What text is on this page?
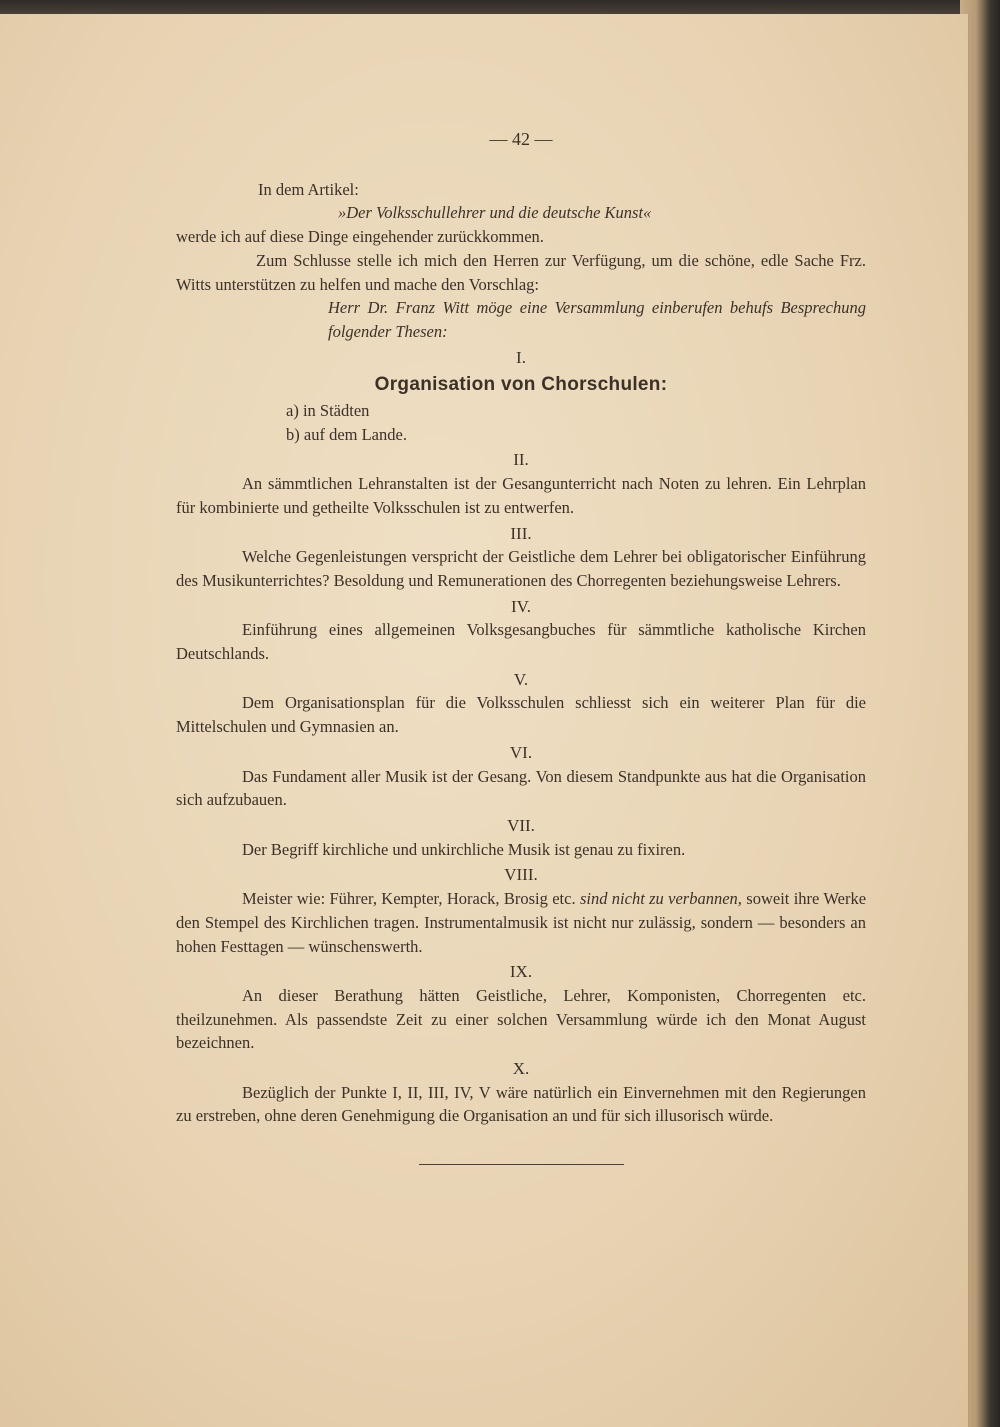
— 42 —
In dem Artikel:
»Der Volksschullehrer und die deutsche Kunst«
werde ich auf diese Dinge eingehender zurückkommen.
Zum Schlusse stelle ich mich den Herren zur Verfügung, um die schöne, edle Sache Frz. Witts unterstützen zu helfen und mache den Vorschlag:
Herr Dr. Franz Witt möge eine Versammlung einberufen behufs Besprechung folgender Thesen:
I.
Organisation von Chorschulen:
a) in Städten
b) auf dem Lande.
II.
An sämmtlichen Lehranstalten ist der Gesangunterricht nach Noten zu lehren. Ein Lehrplan für kombinierte und getheilte Volksschulen ist zu entwerfen.
III.
Welche Gegenleistungen verspricht der Geistliche dem Lehrer bei obligatorischer Einführung des Musikunterrichtes? Besoldung und Remunerationen des Chorregenten beziehungsweise Lehrers.
IV.
Einführung eines allgemeinen Volksgesangbuches für sämmtliche katholische Kirchen Deutschlands.
V.
Dem Organisationsplan für die Volksschulen schliesst sich ein weiterer Plan für die Mittelschulen und Gymnasien an.
VI.
Das Fundament aller Musik ist der Gesang. Von diesem Standpunkte aus hat die Organisation sich aufzubauen.
VII.
Der Begriff kirchliche und unkirchliche Musik ist genau zu fixiren.
VIII.
Meister wie: Führer, Kempter, Horack, Brosig etc. sind nicht zu verbannen, soweit ihre Werke den Stempel des Kirchlichen tragen. Instrumentalmusik ist nicht nur zulässig, sondern — besonders an hohen Festtagen — wünschenswerth.
IX.
An dieser Berathung hätten Geistliche, Lehrer, Komponisten, Chorregenten etc. theilzunehmen. Als passendste Zeit zu einer solchen Versammlung würde ich den Monat August bezeichnen.
X.
Bezüglich der Punkte I, II, III, IV, V wäre natürlich ein Einvernehmen mit den Regierungen zu erstreben, ohne deren Genehmigung die Organisation an und für sich illusorisch würde.
